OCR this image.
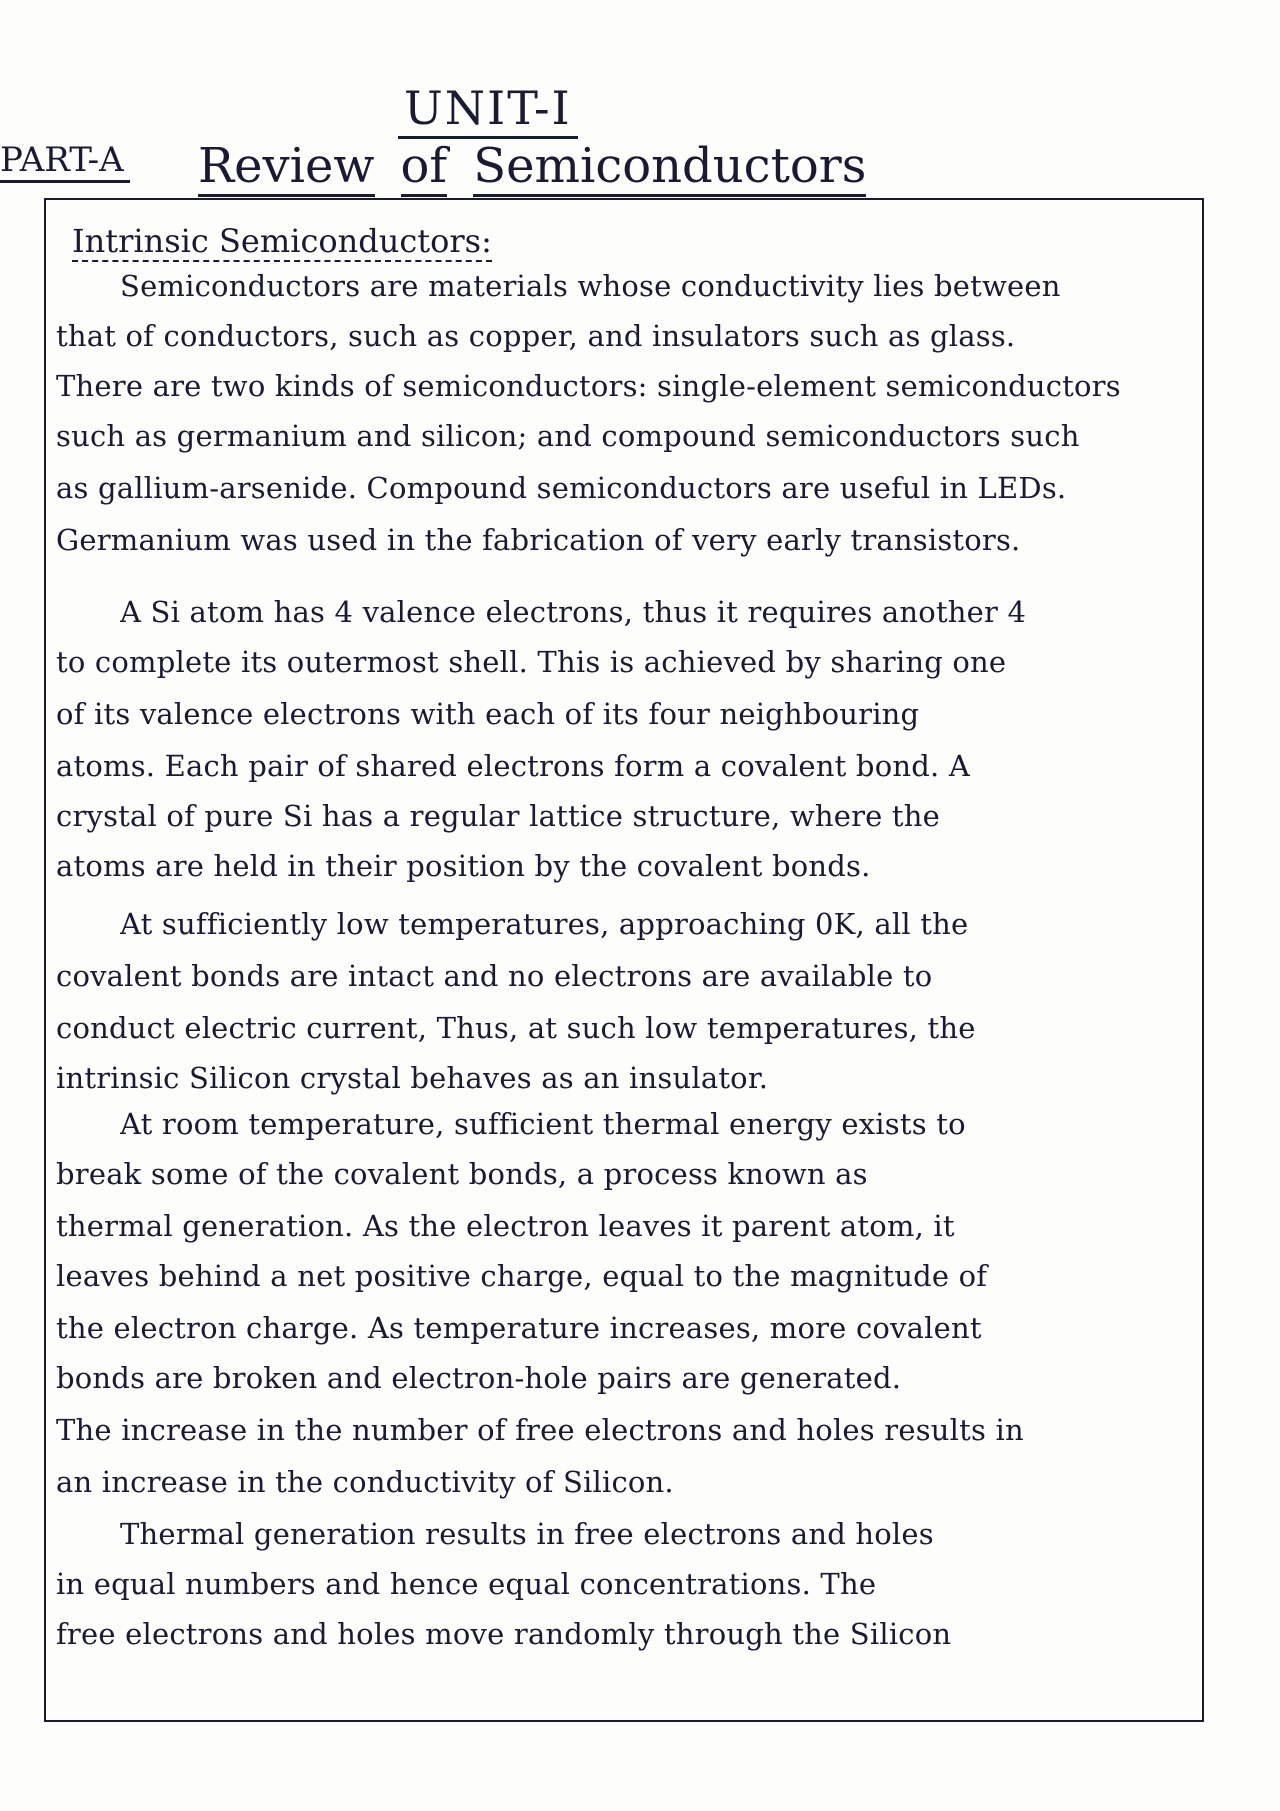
UNIT-I
PART-A Review of Semiconductors
Intrinsic Semiconductors:
Semiconductors are materials whose conductivity lies between
that of conductors, such as copper, and insulators such as glass.
There are two kinds of semiconductors: single-element semiconductors
such as germanium and silicon; and compound semiconductors such
as gallium-arsenide. Compound semiconductors are useful in LEDs.
Germanium was used in the fabrication of very early transistors.
A Si atom has 4 valence electrons, thus it requires another 4
to complete its outermost shell. This is achieved by sharing one
of its valence electrons with each of its four neighbouring
atoms. Each pair of shared electrons form a covalent bond. A
crystal of pure Si has a regular lattice structure, where the
atoms are held in their position by the covalent bonds.
At sufficiently low temperatures, approaching 0K, all the
covalent bonds are intact and no electrons are available to
conduct electric current, Thus, at such low temperatures, the
intrinsic Silicon crystal behaves as an insulator.
At room temperature, sufficient thermal energy exists to
break some of the covalent bonds, a process known as
thermal generation. As the electron leaves it parent atom, it
leaves behind a net positive charge, equal to the magnitude of
the electron charge. As temperature increases, more covalent
bonds are broken and electron-hole pairs are generated.
The increase in the number of free electrons and holes results in
an increase in the conductivity of Silicon.
Thermal generation results in free electrons and holes
in equal numbers and hence equal concentrations. The
free electrons and holes move randomly through the Silicon
